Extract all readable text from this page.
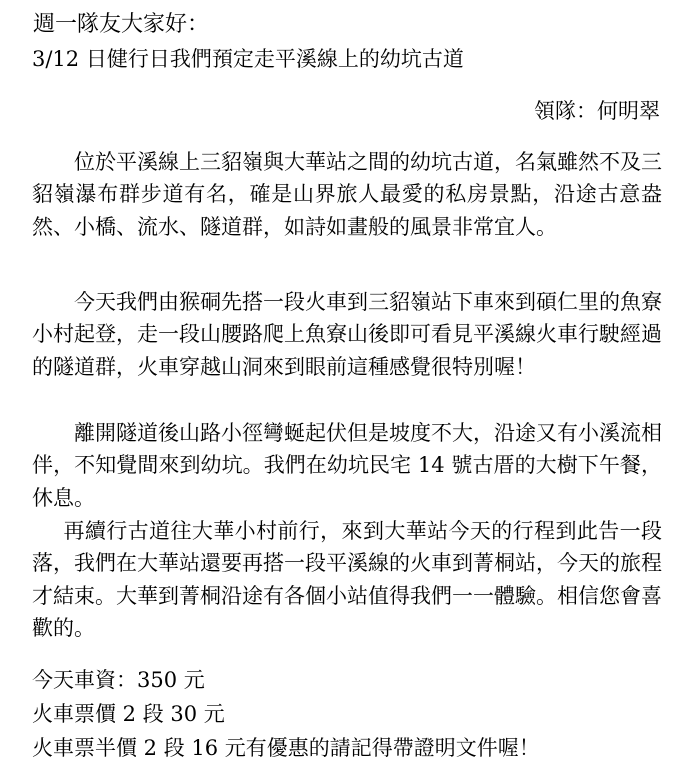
週一隊友大家好：
3/12 日健行日我們預定走平溪線上的幼坑古道
領隊：何明翠

位於平溪線上三貂嶺與大華站之間的幼坑古道，名氣雖然不及三貂嶺瀑布群步道有名，確是山界旅人最愛的私房景點，沿途古意盎然、小橋、流水、隧道群，如詩如畫般的風景非常宜人。

今天我們由猴硐先搭一段火車到三貂嶺站下車來到碩仁里的魚寮小村起登，走一段山腰路爬上魚寮山後即可看見平溪線火車行駛經過的隧道群，火車穿越山洞來到眼前這種感覺很特別喔！

離開隧道後山路小徑彎蜒起伏但是坡度不大，沿途又有小溪流相伴，不知覺間來到幼坑。我們在幼坑民宅 14 號古厝的大樹下午餐，休息。

再續行古道往大華小村前行，來到大華站今天的行程到此告一段落，我們在大華站還要再搭一段平溪線的火車到菁桐站，今天的旅程才結束。大華到菁桐沿途有各個小站值得我們一一體驗。相信您會喜歡的。

今天車資：350 元
火車票價 2 段 30 元
火車票半價 2 段 16 元有優惠的請記得帶證明文件喔！
